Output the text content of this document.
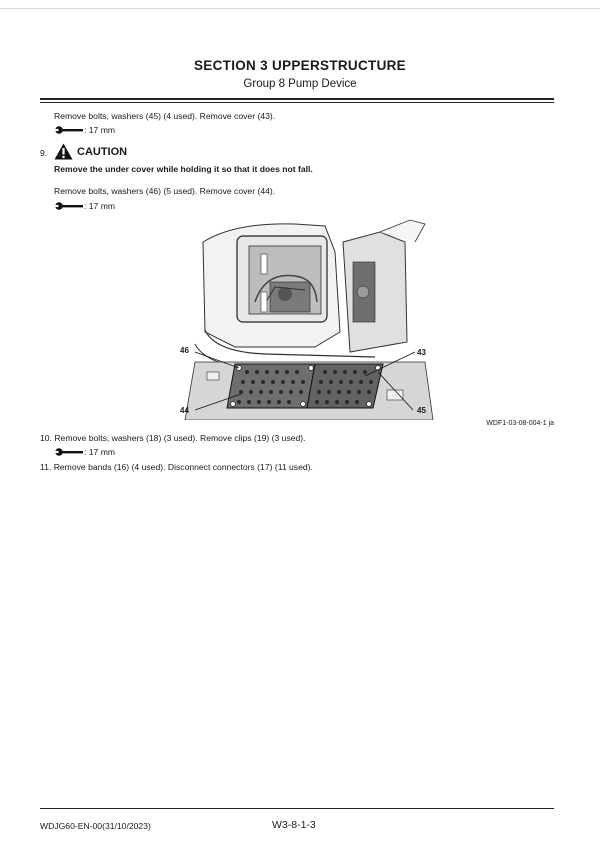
SECTION 3 UPPERSTRUCTURE
Group 8 Pump Device
Remove bolts, washers (45) (4 used). Remove cover (43).
: 17 mm
9.	CAUTION
Remove the under cover while holding it so that it does not fall.
Remove bolts, washers (46) (5 used). Remove cover (44).
: 17 mm
46	43
44	45
WDF1-03-08-004-1 ja
10. Remove bolts, washers (18) (3 used). Remove clips (19) (3 used).
: 17 mm
11. Remove bands (16) (4 used). Disconnect connectors (17) (11 used).
WDJG60-EN-00(31/10/2023)	W3-8-1-3
